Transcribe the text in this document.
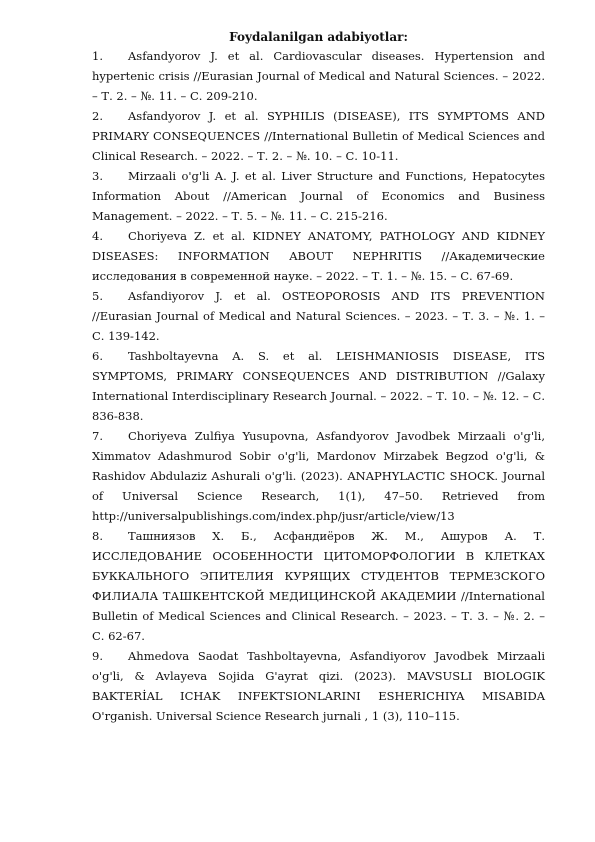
Foydalanilgan adabiyotlar:
1. Asfandyorov J. et al. Cardiovascular diseases. Hypertension and hypertenic crisis //Eurasian Journal of Medical and Natural Sciences. – 2022. – Т. 2. – №. 11. – С. 209-210.
2. Asfandyorov J. et al. SYPHILIS (DISEASE), ITS SYMPTOMS AND PRIMARY CONSEQUENCES //International Bulletin of Medical Sciences and Clinical Research. – 2022. – Т. 2. – №. 10. – С. 10-11.
3. Mirzaali o'g'li A. J. et al. Liver Structure and Functions, Hepatocytes Information About //American Journal of Economics and Business Management. – 2022. – Т. 5. – №. 11. – С. 215-216.
4. Choriyeva Z. et al. KIDNEY ANATOMY, PATHOLOGY AND KIDNEY DISEASES: INFORMATION ABOUT NEPHRITIS //Академические исследования в современной науке. – 2022. – Т. 1. – №. 15. – С. 67-69.
5. Asfandiyorov J. et al. OSTEOPOROSIS AND ITS PREVENTION //Eurasian Journal of Medical and Natural Sciences. – 2023. – Т. 3. – №. 1. – С. 139-142.
6. Tashboltayevna A. S. et al. LEISHMANIOSIS DISEASE, ITS SYMPTOMS, PRIMARY CONSEQUENCES AND DISTRIBUTION //Galaxy International Interdisciplinary Research Journal. – 2022. – Т. 10. – №. 12. – С. 836-838.
7. Choriyeva Zulfiya Yusupovna, Asfandyorov Javodbek Mirzaali o'g'li, Ximmatov Adashmurod Sobir o'g'li, Mardonov Mirzabek Begzod o'g'li, & Rashidov Abdulaziz Ashurali o'g'li. (2023). ANAPHYLACTIC SHOCK. Journal of Universal Science Research, 1(1), 47–50. Retrieved from http://universalpublishings.com/index.php/jusr/article/view/13
8. Ташниязов Х. Б., Асфандиёров Ж. М., Ашуров А. Т. ИССЛЕДОВАНИЕ ОСОБЕННОСТИ ЦИТОМОРФОЛОГИИ В КЛЕТКАХ БУККАЛЬНОГО ЭПИТЕЛИЯ КУРЯЩИХ СТУДЕНТОВ ТЕРМЕЗСКОГО ФИЛИАЛА ТАШКЕНТСКОЙ МЕДИЦИНСКОЙ АКАДЕМИИ //International Bulletin of Medical Sciences and Clinical Research. – 2023. – Т. 3. – №. 2. – С. 62-67.
9. Ahmedova Saodat Tashboltayevna, Asfandiyorov Javodbek Mirzaali o'g'li, & Avlayeva Sojida G'ayrat qizi. (2023). MAVSUSLI BIOLOGIK BAKTERİAL ICHAK INFEKTSIONLARINI ESHERICHIYA MISABIDA O'rganish. Universal Science Research jurnali , 1 (3), 110–115.
